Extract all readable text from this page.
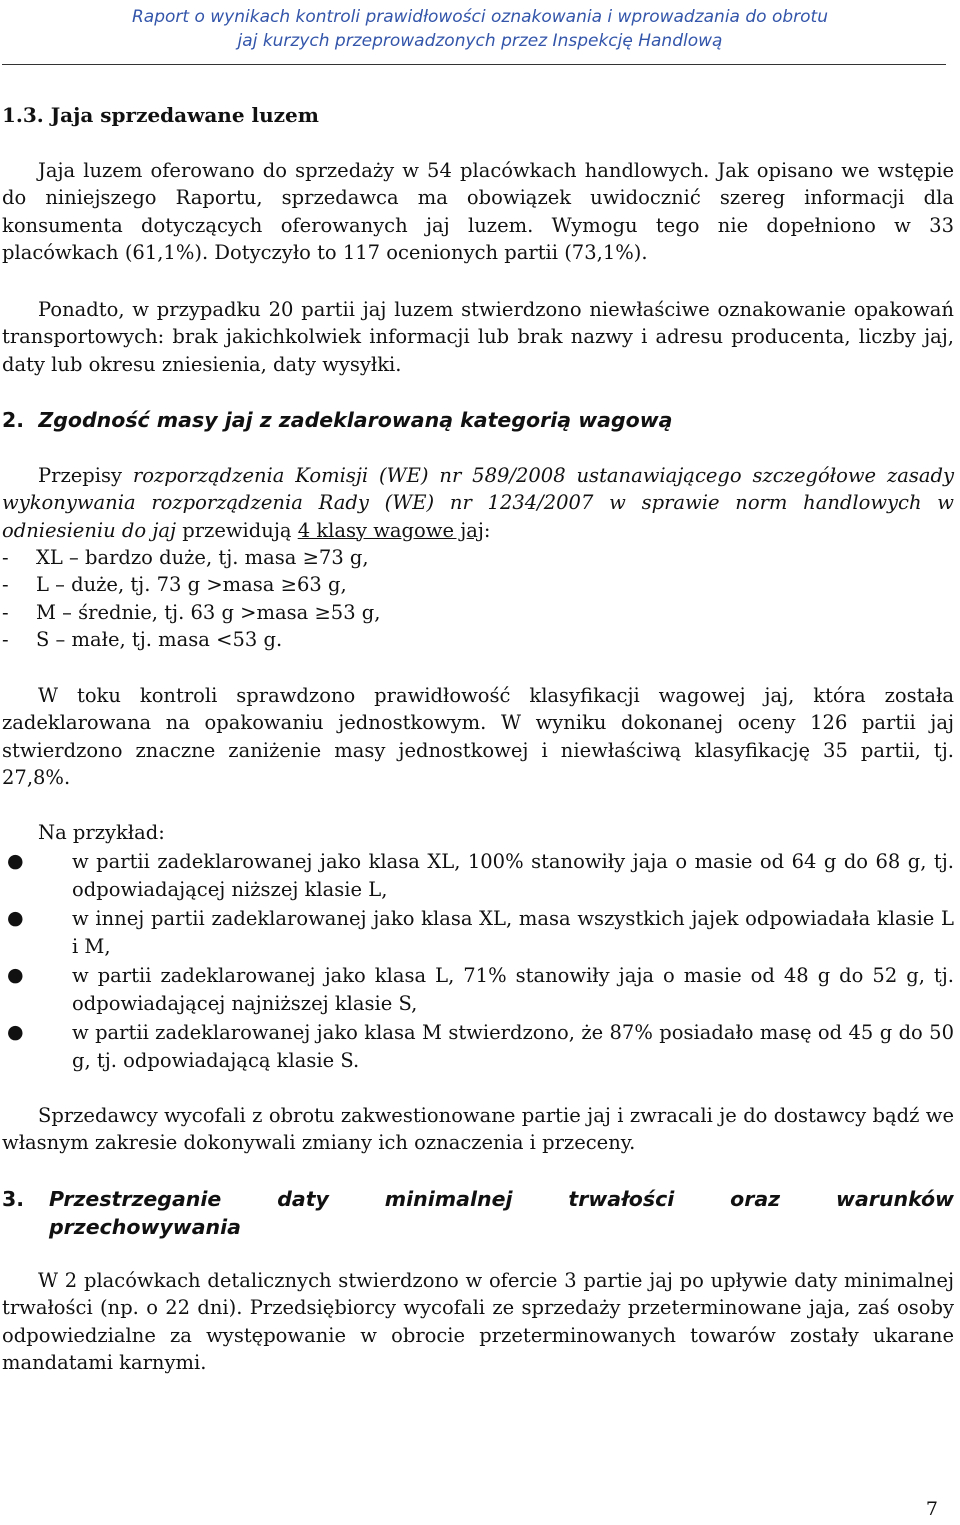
Raport o wynikach kontroli prawidłowości oznakowania i wprowadzania do obrotu
jaj kurzych przeprowadzonych przez Inspekcję Handlową
1.3. Jaja sprzedawane luzem

Jaja luzem oferowano do sprzedaży w 54 placówkach handlowych. Jak opisano we wstępie do niniejszego Raportu, sprzedawca ma obowiązek uwidocznić szereg informacji dla konsumenta dotyczących oferowanych jaj luzem. Wymogu tego nie dopełniono w 33 placówkach (61,1%). Dotyczyło to 117 ocenionych partii (73,1%).

Ponadto, w przypadku 20 partii jaj luzem stwierdzono niewłaściwe oznakowanie opakowań transportowych: brak jakichkolwiek informacji lub brak nazwy i adresu producenta, liczby jaj, daty lub okresu zniesienia, daty wysyłki.

2. Zgodność masy jaj z zadeklarowaną kategorią wagową

Przepisy rozporządzenia Komisji (WE) nr 589/2008 ustanawiającego szczegółowe zasady wykonywania rozporządzenia Rady (WE) nr 1234/2007 w sprawie norm handlowych w odniesieniu do jaj przewidują 4 klasy wagowe jaj:

- XL – bardzo duże, tj. masa ≥73 g,
- L – duże, tj. 73 g >masa ≥63 g,
- M – średnie, tj. 63 g >masa ≥53 g,
- S – małe, tj. masa <53 g.

W toku kontroli sprawdzono prawidłowość klasyfikacji wagowej jaj, która została zadeklarowana na opakowaniu jednostkowym. W wyniku dokonanej oceny 126 partii jaj stwierdzono znaczne zaniżenie masy jednostkowej i niewłaściwą klasyfikację 35 partii, tj. 27,8%.

Na przykład:

● w partii zadeklarowanej jako klasa XL, 100% stanowiły jaja o masie od 64 g do 68 g, tj. odpowiadającej niższej klasie L,
● w innej partii zadeklarowanej jako klasa XL, masa wszystkich jajek odpowiadała klasie L i M,
● w partii zadeklarowanej jako klasa L, 71% stanowiły jaja o masie od 48 g do 52 g, tj. odpowiadającej najniższej klasie S,
● w partii zadeklarowanej jako klasa M stwierdzono, że 87% posiadało masę od 45 g do 50 g, tj. odpowiadającą klasie S.

Sprzedawcy wycofali z obrotu zakwestionowane partie jaj i zwracali je do dostawcy bądź we własnym zakresie dokonywali zmiany ich oznaczenia i przeceny.

3.	Przestrzeganie daty minimalnej trwałości oraz warunków
przechowywania

W 2 placówkach detalicznych stwierdzono w ofercie 3 partie jaj po upływie daty minimalnej trwałości (np. o 22 dni). Przedsiębiorcy wycofali ze sprzedaży przeterminowane jaja, zaś osoby odpowiedzialne za występowanie w obrocie przeterminowanych towarów zostały ukarane mandatami karnymi.

7
